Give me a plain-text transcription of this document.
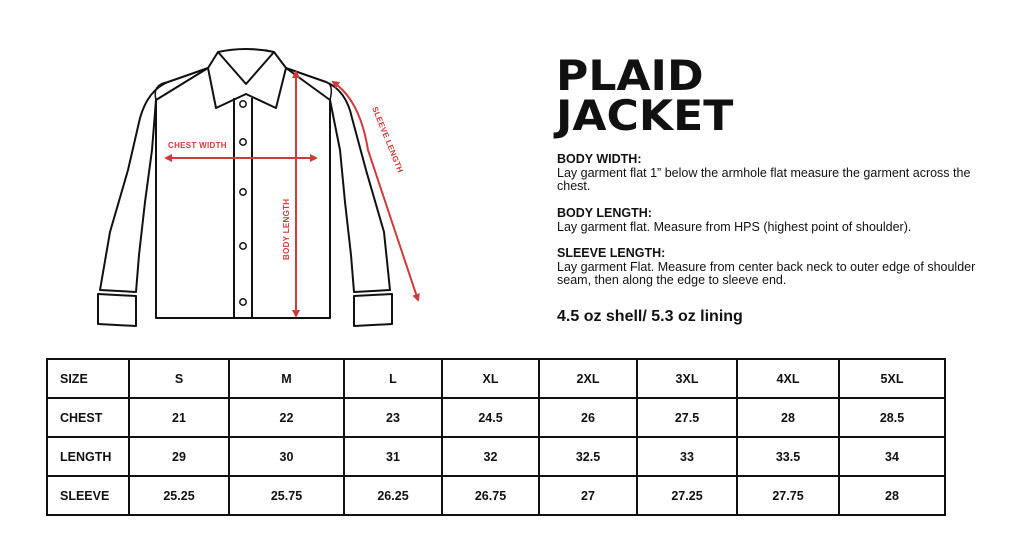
CHEST WIDTH
BODY LENGTH
SLEEVE LENGTH
PLAID
JACKET
BODY WIDTH:
Lay garment flat 1” below the armhole flat measure the garment across the chest.
BODY LENGTH:
Lay garment flat. Measure from HPS (highest point of shoulder).
SLEEVE LENGTH:
Lay garment Flat. Measure from center back neck to outer edge of shoulder seam, then along the edge to sleeve end.
4.5 oz shell/ 5.3 oz lining
SIZE	S	M	L	XL	2XL	3XL	4XL	5XL
CHEST	21	22	23	24.5	26	27.5	28	28.5
LENGTH	29	30	31	32	32.5	33	33.5	34
SLEEVE	25.25	25.75	26.25	26.75	27	27.25	27.75	28
